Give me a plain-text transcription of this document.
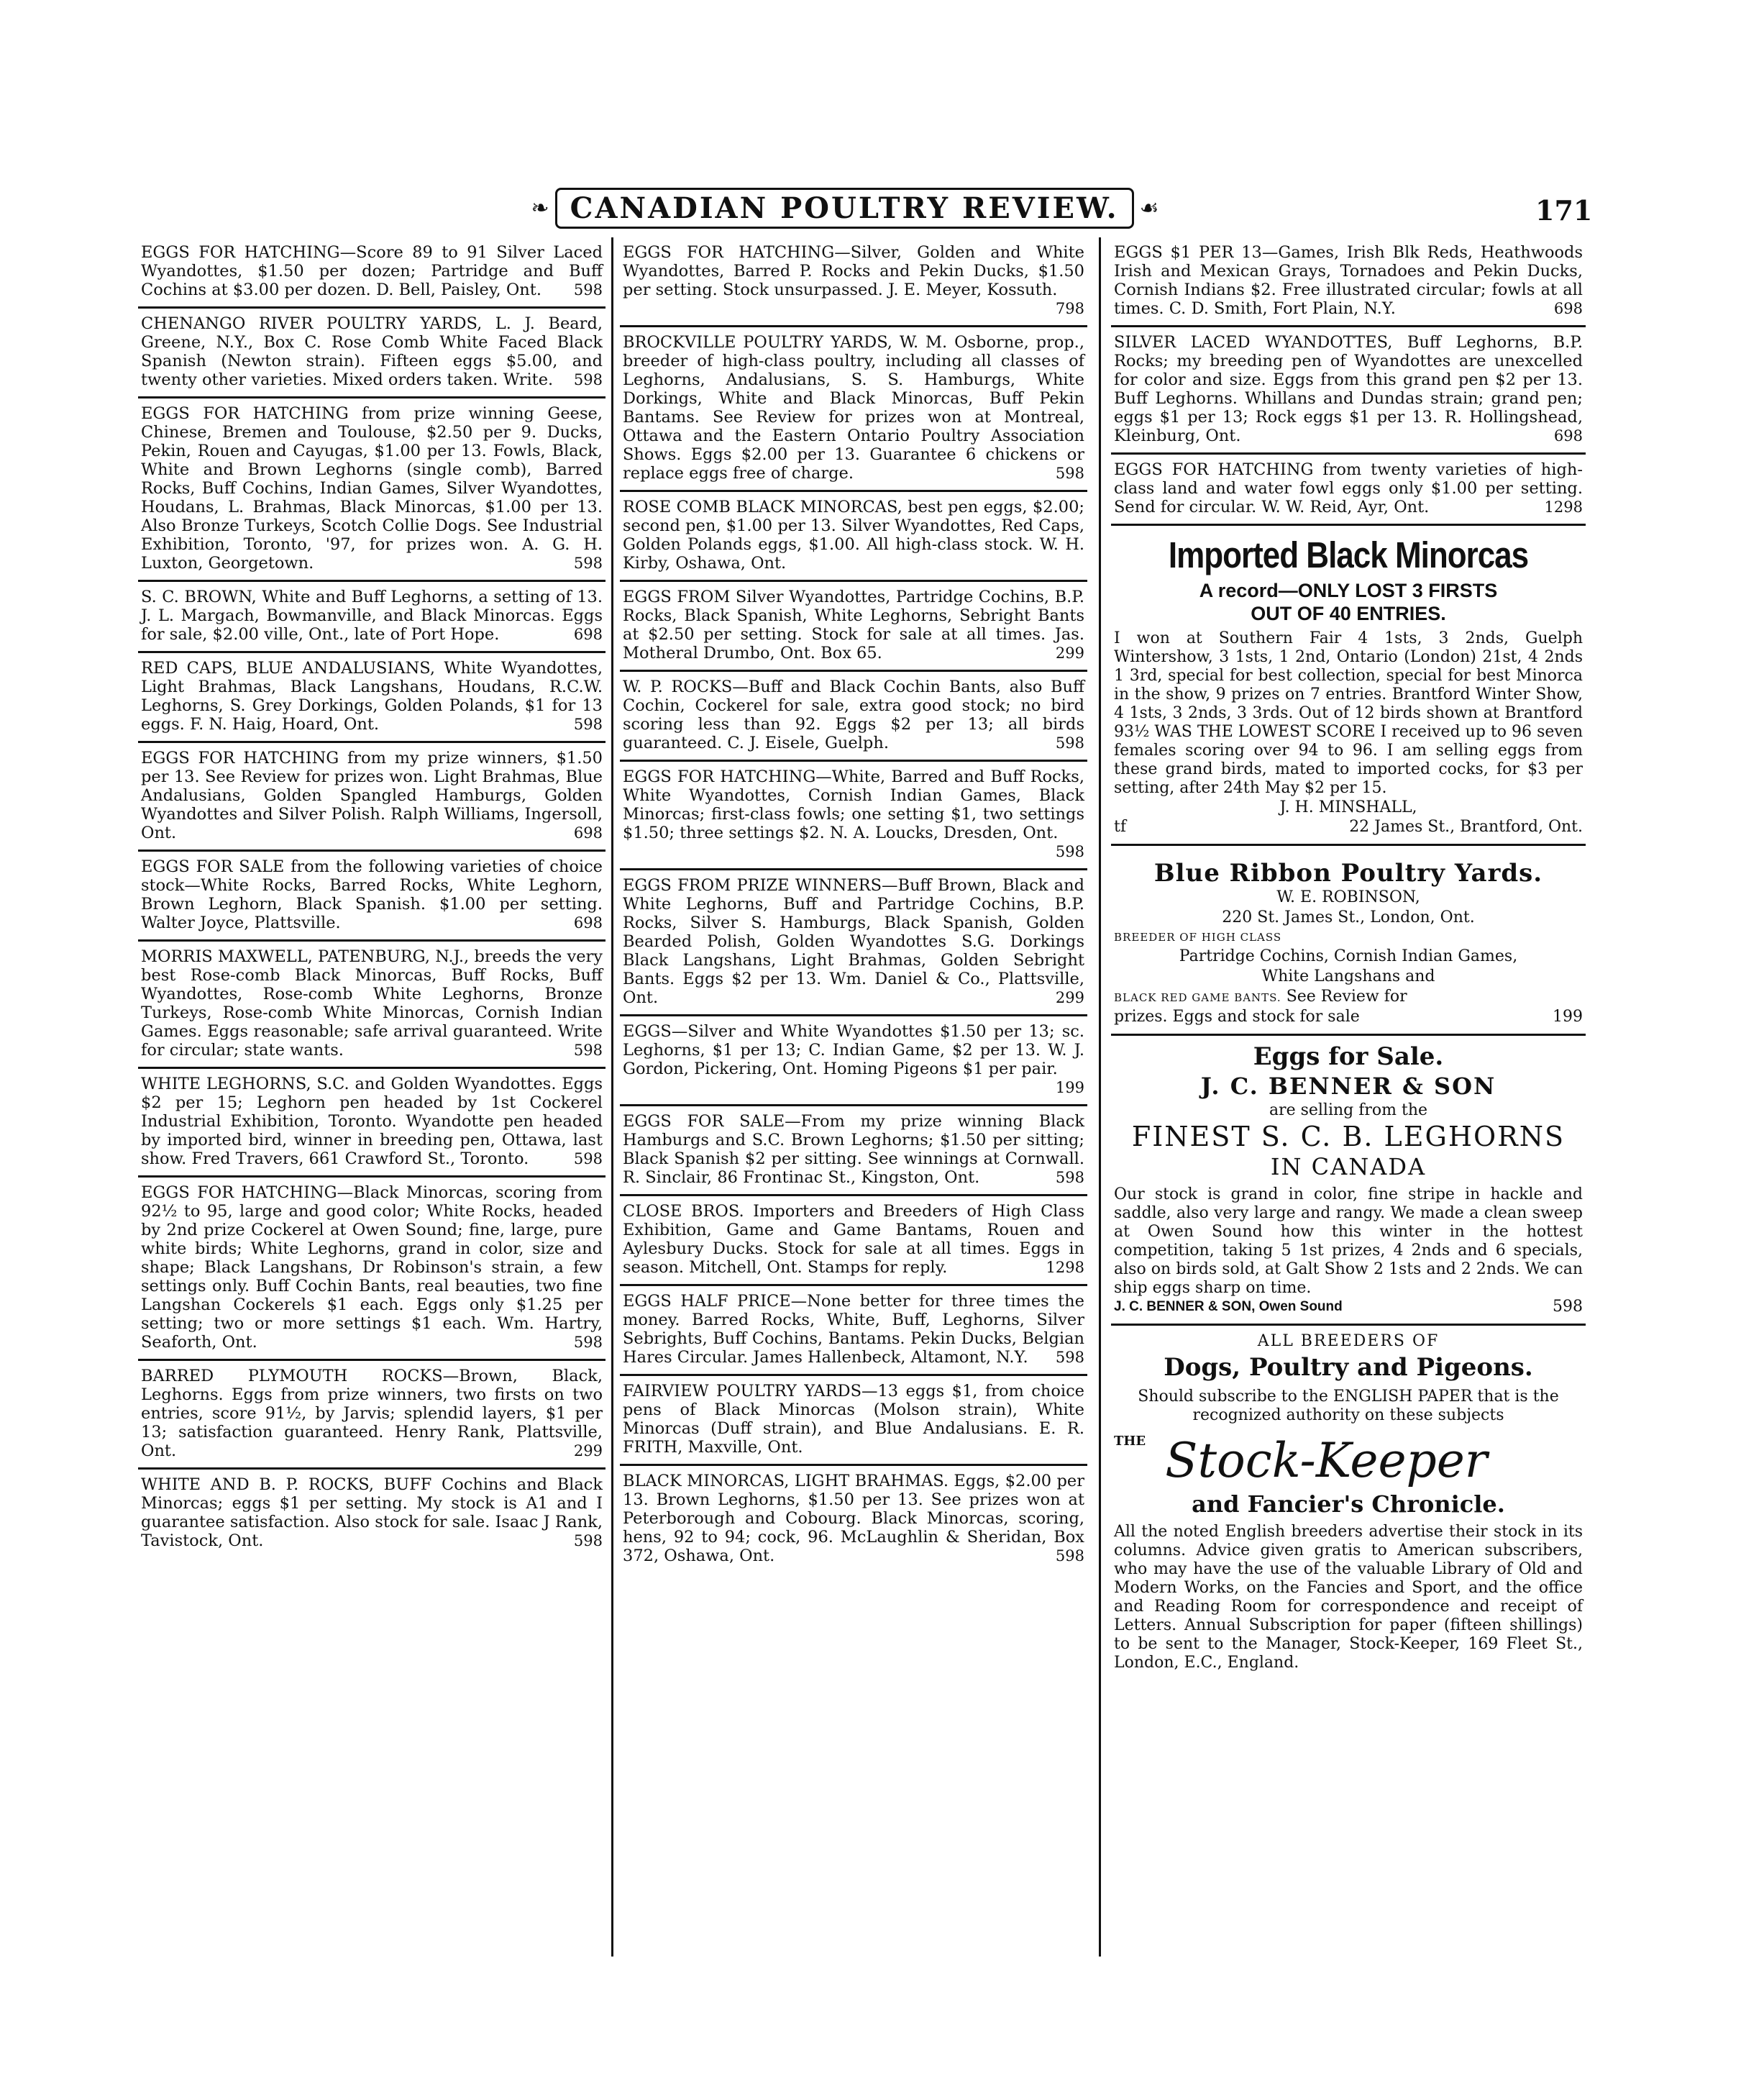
❧ CANADIAN POULTRY REVIEW. ☙	171
EGGS FOR HATCHING—Score 89 to 91 Silver Laced Wyandottes, $1.50 per dozen; Partridge and Buff Cochins at $3.00 per dozen. D. Bell, Paisley, Ont. 598
CHENANGO RIVER POULTRY YARDS, L. J. Beard, Greene, N.Y., Box C. Rose Comb White Faced Black Spanish (Newton strain). Fifteen eggs $5.00, and twenty other varieties. Mixed orders taken. Write. 598
EGGS FOR HATCHING from prize winning Geese, Chinese, Bremen and Toulouse, $2.50 per 9. Ducks, Pekin, Rouen and Cayugas, $1.00 per 13. Fowls, Black, White and Brown Leghorns (single comb), Barred Rocks, Buff Cochins, Indian Games, Silver Wyandottes, Houdans, L. Brahmas, Black Minorcas, $1.00 per 13. Also Bronze Turkeys, Scotch Collie Dogs. See Industrial Exhibition, Toronto, '97, for prizes won. A. G. H. Luxton, Georgetown.	598
S. C. BROWN, White and Buff Leghorns, a setting of 13. J. L. Margach, Bowmanville, and Black Minorcas. Eggs for sale, $2.00 ville, Ont., late of Port Hope.	698
RED CAPS, BLUE ANDALUSIANS, White Wyandottes, Light Brahmas, Black Langshans, Houdans, R.C.W. Leghorns, S. Grey Dorkings, Golden Polands, $1 for 13 eggs. F. N. Haig, Hoard, Ont.	598
EGGS FOR HATCHING from my prize winners, $1.50 per 13. See Review for prizes won. Light Brahmas, Blue Andalusians, Golden Spangled Hamburgs, Golden Wyandottes and Silver Polish. Ralph Williams, Ingersoll, Ont.	698
EGGS FOR SALE from the following varieties of choice stock—White Rocks, Barred Rocks, White Leghorn, Brown Leghorn, Black Spanish. $1.00 per setting. Walter Joyce, Plattsville.	698
MORRIS MAXWELL, PATENBURG, N.J., breeds the very best Rose-comb Black Minorcas, Buff Rocks, Buff Wyandottes, Rose-comb White Leghorns, Bronze Turkeys, Rose-comb White Minorcas, Cornish Indian Games. Eggs reasonable; safe arrival guaranteed. Write for circular; state wants.	598
WHITE LEGHORNS, S.C. and Golden Wyandottes. Eggs $2 per 15; Leghorn pen headed by 1st Cockerel Industrial Exhibition, Toronto. Wyandotte pen headed by imported bird, winner in breeding pen, Ottawa, last show. Fred Travers, 661 Crawford St., Toronto.	598
EGGS FOR HATCHING—Black Minorcas, scoring from 92½ to 95, large and good color; White Rocks, headed by 2nd prize Cockerel at Owen Sound; fine, large, pure white birds; White Leghorns, grand in color, size and shape; Black Langshans, Dr Robinson's strain, a few settings only. Buff Cochin Bants, real beauties, two fine Langshan Cockerels $1 each. Eggs only $1.25 per setting; two or more settings $1 each. Wm. Hartry, Seaforth, Ont.	598
BARRED PLYMOUTH ROCKS—Brown, Black, Leghorns. Eggs from prize winners, two firsts on two entries, score 91½, by Jarvis; splendid layers, $1 per 13; satisfaction guaranteed. Henry Rank, Plattsville, Ont.	299
WHITE AND B. P. ROCKS, BUFF Cochins and Black Minorcas; eggs $1 per setting. My stock is A1 and I guarantee satisfaction. Also stock for sale. Isaac J Rank, Tavistock, Ont.	598
EGGS FOR HATCHING—Silver, Golden and White Wyandottes, Barred P. Rocks and Pekin Ducks, $1.50 per setting. Stock unsurpassed. J. E. Meyer, Kossuth.
798
BROCKVILLE POULTRY YARDS, W. M. Osborne, prop., breeder of high-class poultry, including all classes of Leghorns, Andalusians, S. S. Hamburgs, White Dorkings, White and Black Minorcas, Buff Pekin Bantams. See Review for prizes won at Montreal, Ottawa and the Eastern Ontario Poultry Association Shows. Eggs $2.00 per 13. Guarantee 6 chickens or replace eggs free of charge.	598
ROSE COMB BLACK MINORCAS, best pen eggs, $2.00; second pen, $1.00 per 13. Silver Wyandottes, Red Caps, Golden Polands eggs, $1.00. All high-class stock. W. H. Kirby, Oshawa, Ont.
EGGS FROM Silver Wyandottes, Partridge Cochins, B.P. Rocks, Black Spanish, White Leghorns, Sebright Bants at $2.50 per setting. Stock for sale at all times. Jas. Motheral Drumbo, Ont. Box 65.	299
W. P. ROCKS—Buff and Black Cochin Bants, also Buff Cochin, Cockerel for sale, extra good stock; no bird scoring less than 92. Eggs $2 per 13; all birds guaranteed. C. J. Eisele, Guelph.	598
EGGS FOR HATCHING—White, Barred and Buff Rocks, White Wyandottes, Cornish Indian Games, Black Minorcas; first-class fowls; one setting $1, two settings $1.50; three settings $2. N. A. Loucks, Dresden, Ont.
598
EGGS FROM PRIZE WINNERS—Buff Brown, Black and White Leghorns, Buff and Partridge Cochins, B.P. Rocks, Silver S. Hamburgs, Black Spanish, Golden Bearded Polish, Golden Wyandottes S.G. Dorkings Black Langshans, Light Brahmas, Golden Sebright Bants. Eggs $2 per 13. Wm. Daniel & Co., Plattsville, Ont.	299
EGGS—Silver and White Wyandottes $1.50 per 13; sc. Leghorns, $1 per 13; C. Indian Game, $2 per 13. W. J. Gordon, Pickering, Ont. Homing Pigeons $1 per pair.
199
EGGS FOR SALE—From my prize winning Black Hamburgs and S.C. Brown Leghorns; $1.50 per sitting; Black Spanish $2 per sitting. See winnings at Cornwall. R. Sinclair, 86 Frontinac St., Kingston, Ont.	598
CLOSE BROS. Importers and Breeders of High Class Exhibition, Game and Game Bantams, Rouen and Aylesbury Ducks. Stock for sale at all times. Eggs in season. Mitchell, Ont. Stamps for reply.	1298
EGGS HALF PRICE—None better for three times the money. Barred Rocks, White, Buff, Leghorns, Silver Sebrights, Buff Cochins, Bantams. Pekin Ducks, Belgian Hares Circular. James Hallenbeck, Altamont, N.Y. 598
FAIRVIEW POULTRY YARDS—13 eggs $1, from choice pens of Black Minorcas (Molson strain), White Minorcas (Duff strain), and Blue Andalusians. E. R. FRITH, Maxville, Ont.
BLACK MINORCAS, LIGHT BRAHMAS. Eggs, $2.00 per 13. Brown Leghorns, $1.50 per 13. See prizes won at Peterborough and Cobourg. Black Minorcas, scoring, hens, 92 to 94; cock, 96. McLaughlin & Sheridan, Box 372, Oshawa, Ont.	598
EGGS $1 PER 13—Games, Irish Blk Reds, Heathwoods Irish and Mexican Grays, Tornadoes and Pekin Ducks, Cornish Indians $2. Free illustrated circular; fowls at all times. C. D. Smith, Fort Plain, N.Y.	698
SILVER LACED WYANDOTTES, Buff Leghorns, B.P. Rocks; my breeding pen of Wyandottes are unexcelled for color and size. Eggs from this grand pen $2 per 13. Buff Leghorns. Whillans and Dundas strain; grand pen; eggs $1 per 13; Rock eggs $1 per 13. R. Hollingshead, Kleinburg, Ont.	698
EGGS FOR HATCHING from twenty varieties of high-class land and water fowl eggs only $1.00 per setting. Send for circular. W. W. Reid, Ayr, Ont.	1298
Imported Black Minorcas
A record—ONLY LOST 3 FIRSTS
OUT OF 40 ENTRIES.
I won at Southern Fair 4 1sts, 3 2nds, Guelph Wintershow, 3 1sts, 1 2nd, Ontario (London) 21st, 4 2nds 1 3rd, special for best collection, special for best Minorca in the show, 9 prizes on 7 entries. Brantford Winter Show, 4 1sts, 3 2nds, 3 3rds. Out of 12 birds shown at Brantford 93½ WAS THE LOWEST SCORE I received up to 96 seven females scoring over 94 to 96. I am selling eggs from these grand birds, mated to imported cocks, for $3 per setting, after 24th May $2 per 15.
J. H. MINSHALL,
tf	22 James St., Brantford, Ont.
Blue Ribbon Poultry Yards.
W. E. ROBINSON,
220 St. James St., London, Ont.
BREEDER OF HIGH CLASS
Partridge Cochins, Cornish Indian Games,
White Langshans and
BLACK RED GAME BANTS. See Review for
prizes. Eggs and stock for sale	199
Eggs for Sale.
J. C. BENNER & SON
are selling from the
FINEST S. C. B. LEGHORNS
IN CANADA
Our stock is grand in color, fine stripe in hackle and saddle, also very large and rangy. We made a clean sweep at Owen Sound how this winter in the hottest competition, taking 5 1st prizes, 4 2nds and 6 specials, also on birds sold, at Galt Show 2 1sts and 2 2nds. We can ship eggs sharp on time.
J. C. BENNER & SON, Owen Sound	598
ALL BREEDERS OF
Dogs, Poultry and Pigeons.
Should subscribe to the ENGLISH PAPER that is the recognized authority on these subjects
$^{THE}$ Stock-Keeper
and Fancier's Chronicle.
All the noted English breeders advertise their stock in its columns. Advice given gratis to American subscribers, who may have the use of the valuable Library of Old and Modern Works, on the Fancies and Sport, and the office and Reading Room for correspondence and receipt of Letters. Annual Subscription for paper (fifteen shillings) to be sent to the Manager, Stock-Keeper, 169 Fleet St., London, E.C., England.
